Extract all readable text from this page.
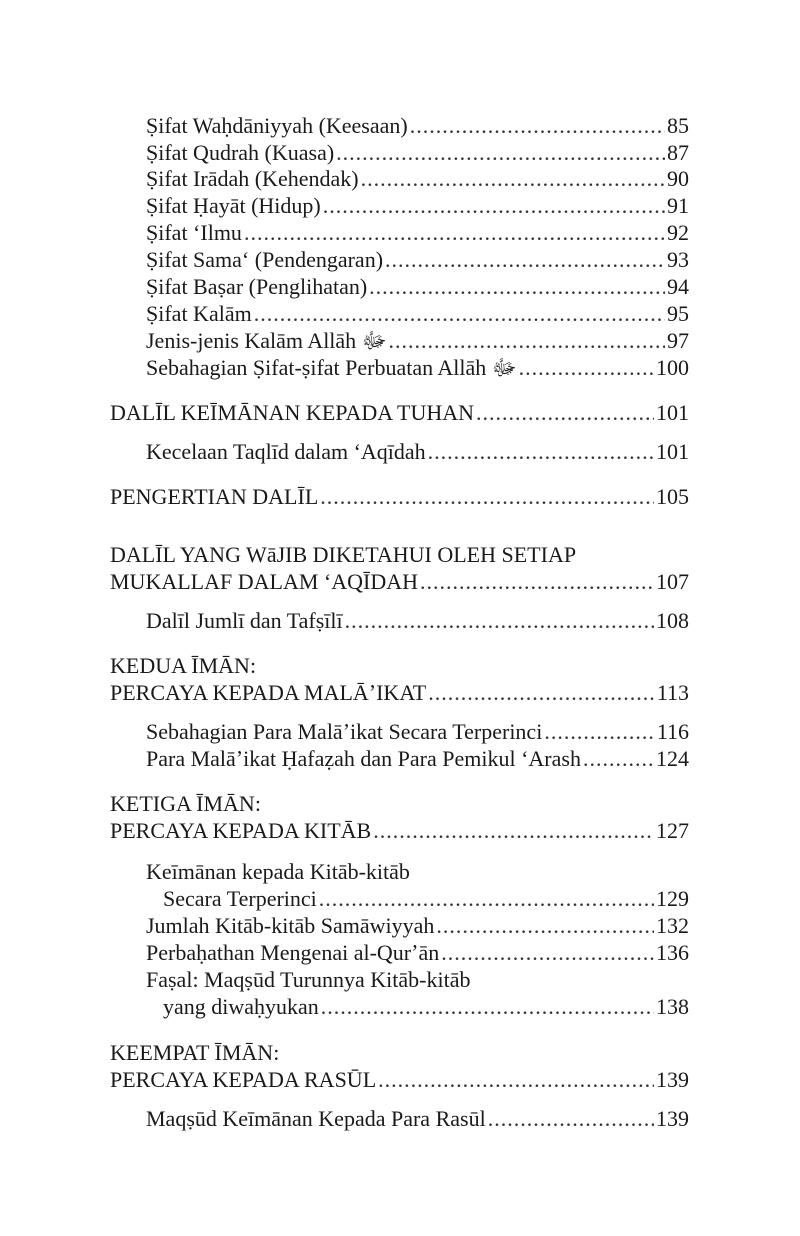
Ṣifat Waḥdāniyyah (Keesaan) .....	85
Ṣifat Qudrah (Kuasa) .....	87
Ṣifat Irādah (Kehendak) .....	90
Ṣifat Ḥayāt (Hidup) .....	91
Ṣifat ʻIlmu .....	92
Ṣifat Samaʻ (Pendengaran) .....	93
Ṣifat Baṣar (Penglihatan) .....	94
Ṣifat Kalām .....	95
Jenis-jenis Kalām Allāh ﷻ .....	97
Sebahagian Ṣifat-ṣifat Perbuatan Allāh ﷻ .....	100
DALĪL KEĪMĀNAN KEPADA TUHAN .....	101
Kecelaan Taqlīd dalam ʻAqīdah .....	101
PENGERTIAN DALĪL .....	105
DALĪL YANG WāJIB DIKETAHUI OLEH SETIAP
MUKALLAF DALAM ʻAQĪDAH .....	107
Dalīl Jumlī dan Tafṣīlī .....	108
KEDUA ĪMĀN:
PERCAYA KEPADA MALĀʼIKAT .....	113
Sebahagian Para Malāʼikat Secara Terperinci .....	116
Para Malāʼikat Ḥafaẓah dan Para Pemikul ʻArash .....	124
KETIGA ĪMĀN:
PERCAYA KEPADA KITĀB .....	127
Keīmānan kepada Kitāb-kitāb
Secara Terperinci .....	129
Jumlah Kitāb-kitāb Samāwiyyah .....	132
Perbaḥathan Mengenai al-Qurʼān .....	136
Faṣal: Maqṣūd Turunnya Kitāb-kitāb
yang diwaḥyukan .....	138
KEEMPAT ĪMĀN:
PERCAYA KEPADA RASŪL .....	139
Maqṣūd Keīmānan Kepada Para Rasūl .....	139
